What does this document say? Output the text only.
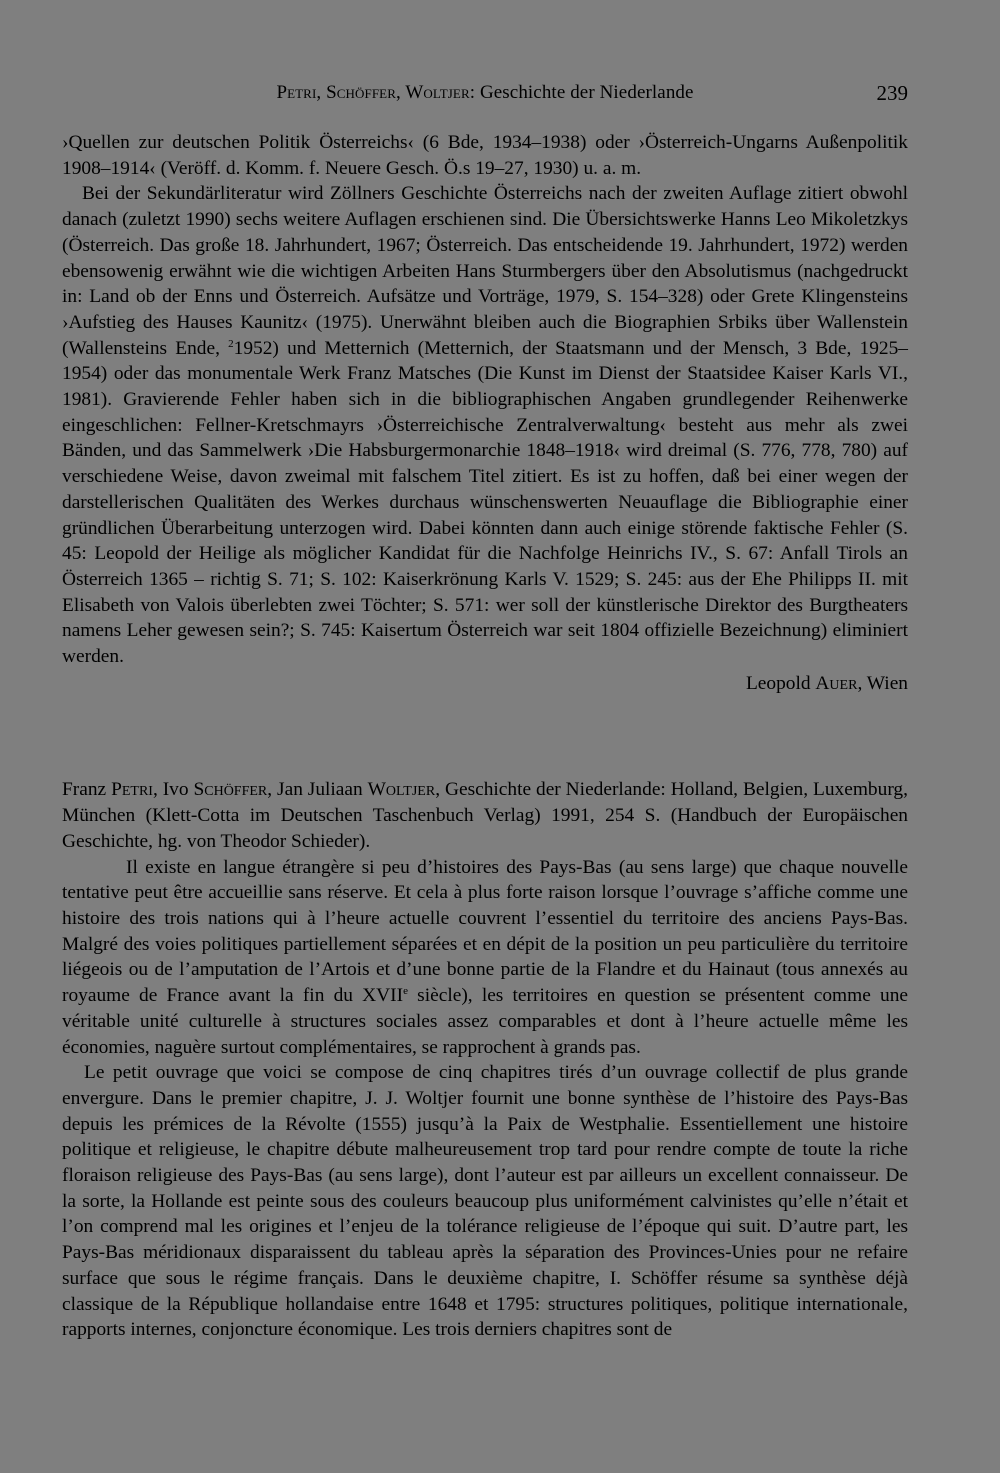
Petri, Schöffer, Woltjer: Geschichte der Niederlande	239

›Quellen zur deutschen Politik Österreichs‹ (6 Bde, 1934–1938) oder ›Österreich-Ungarns Außenpolitik 1908–1914‹ (Veröff. d. Komm. f. Neuere Gesch. Ö.s 19–27, 1930) u. a. m.

Bei der Sekundärliteratur wird Zöllners Geschichte Österreichs nach der zweiten Auflage zitiert obwohl danach (zuletzt 1990) sechs weitere Auflagen erschienen sind. Die Übersichtswerke Hanns Leo Mikoletzkys (Österreich. Das große 18. Jahrhundert, 1967; Österreich. Das entscheidende 19. Jahrhundert, 1972) werden ebensowenig erwähnt wie die wichtigen Arbeiten Hans Sturmbergers über den Absolutismus (nachgedruckt in: Land ob der Enns und Österreich. Aufsätze und Vorträge, 1979, S. 154–328) oder Grete Klingensteins ›Aufstieg des Hauses Kaunitz‹ (1975). Unerwähnt bleiben auch die Biographien Srbiks über Wallenstein (Wallensteins Ende, $^2$1952) und Metternich (Metternich, der Staatsmann und der Mensch, 3 Bde, 1925–1954) oder das monumentale Werk Franz Matsches (Die Kunst im Dienst der Staatsidee Kaiser Karls VI., 1981). Gravierende Fehler haben sich in die bibliographischen Angaben grundlegender Reihenwerke eingeschlichen: Fellner-Kretschmayrs ›Österreichische Zentralverwaltung‹ besteht aus mehr als zwei Bänden, und das Sammelwerk ›Die Habsburgermonarchie 1848–1918‹ wird dreimal (S. 776, 778, 780) auf verschiedene Weise, davon zweimal mit falschem Titel zitiert. Es ist zu hoffen, daß bei einer wegen der darstellerischen Qualitäten des Werkes durchaus wünschenswerten Neuauflage die Bibliographie einer gründlichen Überarbeitung unterzogen wird. Dabei könnten dann auch einige störende faktische Fehler (S. 45: Leopold der Heilige als möglicher Kandidat für die Nachfolge Heinrichs IV., S. 67: Anfall Tirols an Österreich 1365 – richtig S. 71; S. 102: Kaiserkrönung Karls V. 1529; S. 245: aus der Ehe Philipps II. mit Elisabeth von Valois überlebten zwei Töchter; S. 571: wer soll der künstlerische Direktor des Burgtheaters namens Leher gewesen sein?; S. 745: Kaisertum Österreich war seit 1804 offizielle Bezeichnung) eliminiert werden.

Leopold Auer, Wien

Franz Petri, Ivo Schöffer, Jan Juliaan Woltjer, Geschichte der Niederlande: Holland, Belgien, Luxemburg, München (Klett-Cotta im Deutschen Taschenbuch Verlag) 1991, 254 S. (Handbuch der Europäischen Geschichte, hg. von Theodor Schieder).

Il existe en langue étrangère si peu d’histoires des Pays-Bas (au sens large) que chaque nouvelle tentative peut être accueillie sans réserve. Et cela à plus forte raison lorsque l’ouvrage s’affiche comme une histoire des trois nations qui à l’heure actuelle couvrent l’essentiel du territoire des anciens Pays-Bas. Malgré des voies politiques partiellement séparées et en dépit de la position un peu particulière du territoire liégeois ou de l’amputation de l’Artois et d’une bonne partie de la Flandre et du Hainaut (tous annexés au royaume de France avant la fin du XVIIe siècle), les territoires en question se présentent comme une véritable unité culturelle à structures sociales assez comparables et dont à l’heure actuelle même les économies, naguère surtout complémentaires, se rapprochent à grands pas.

Le petit ouvrage que voici se compose de cinq chapitres tirés d’un ouvrage collectif de plus grande envergure. Dans le premier chapitre, J. J. Woltjer fournit une bonne synthèse de l’histoire des Pays-Bas depuis les prémices de la Révolte (1555) jusqu’à la Paix de Westphalie. Essentiellement une histoire politique et religieuse, le chapitre débute malheureusement trop tard pour rendre compte de toute la riche floraison religieuse des Pays-Bas (au sens large), dont l’auteur est par ailleurs un excellent connaisseur. De la sorte, la Hollande est peinte sous des couleurs beaucoup plus uniformément calvinistes qu’elle n’était et l’on comprend mal les origines et l’enjeu de la tolérance religieuse de l’époque qui suit. D’autre part, les Pays-Bas méridionaux disparaissent du tableau après la séparation des Provinces-Unies pour ne refaire surface que sous le régime français. Dans le deuxième chapitre, I. Schöffer résume sa synthèse déjà classique de la République hollandaise entre 1648 et 1795: structures politiques, politique internationale, rapports internes, conjoncture économique. Les trois derniers chapitres sont de
